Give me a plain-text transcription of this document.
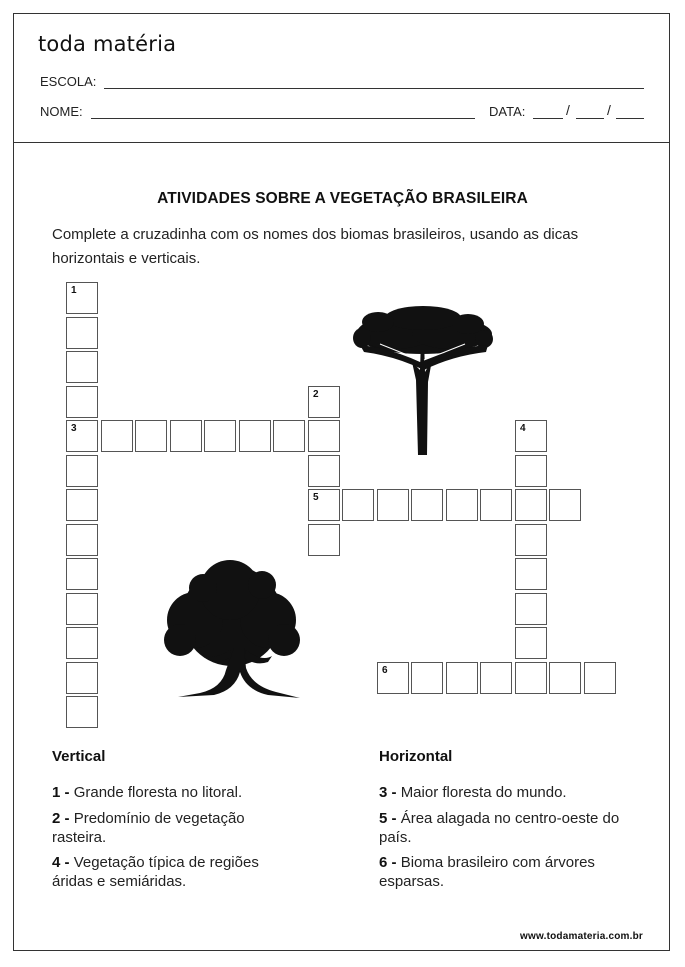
toda matéria
ESCOLA:
NOME:	DATA:	/	/
ATIVIDADES SOBRE A VEGETAÇÃO BRASILEIRA
Complete a cruzadinha com os nomes dos biomas brasileiros, usando as dicas horizontais e verticais.
1
3
2
5
4
6
Vertical	Horizontal
1 - Grande floresta no litoral.
2 - Predomínio de vegetação rasteira.
4 - Vegetação típica de regiões áridas e semiáridas.
3 - Maior floresta do mundo.
5 - Área alagada no centro-oeste do país.
6 - Bioma brasileiro com árvores esparsas.
www.todamateria.com.br
